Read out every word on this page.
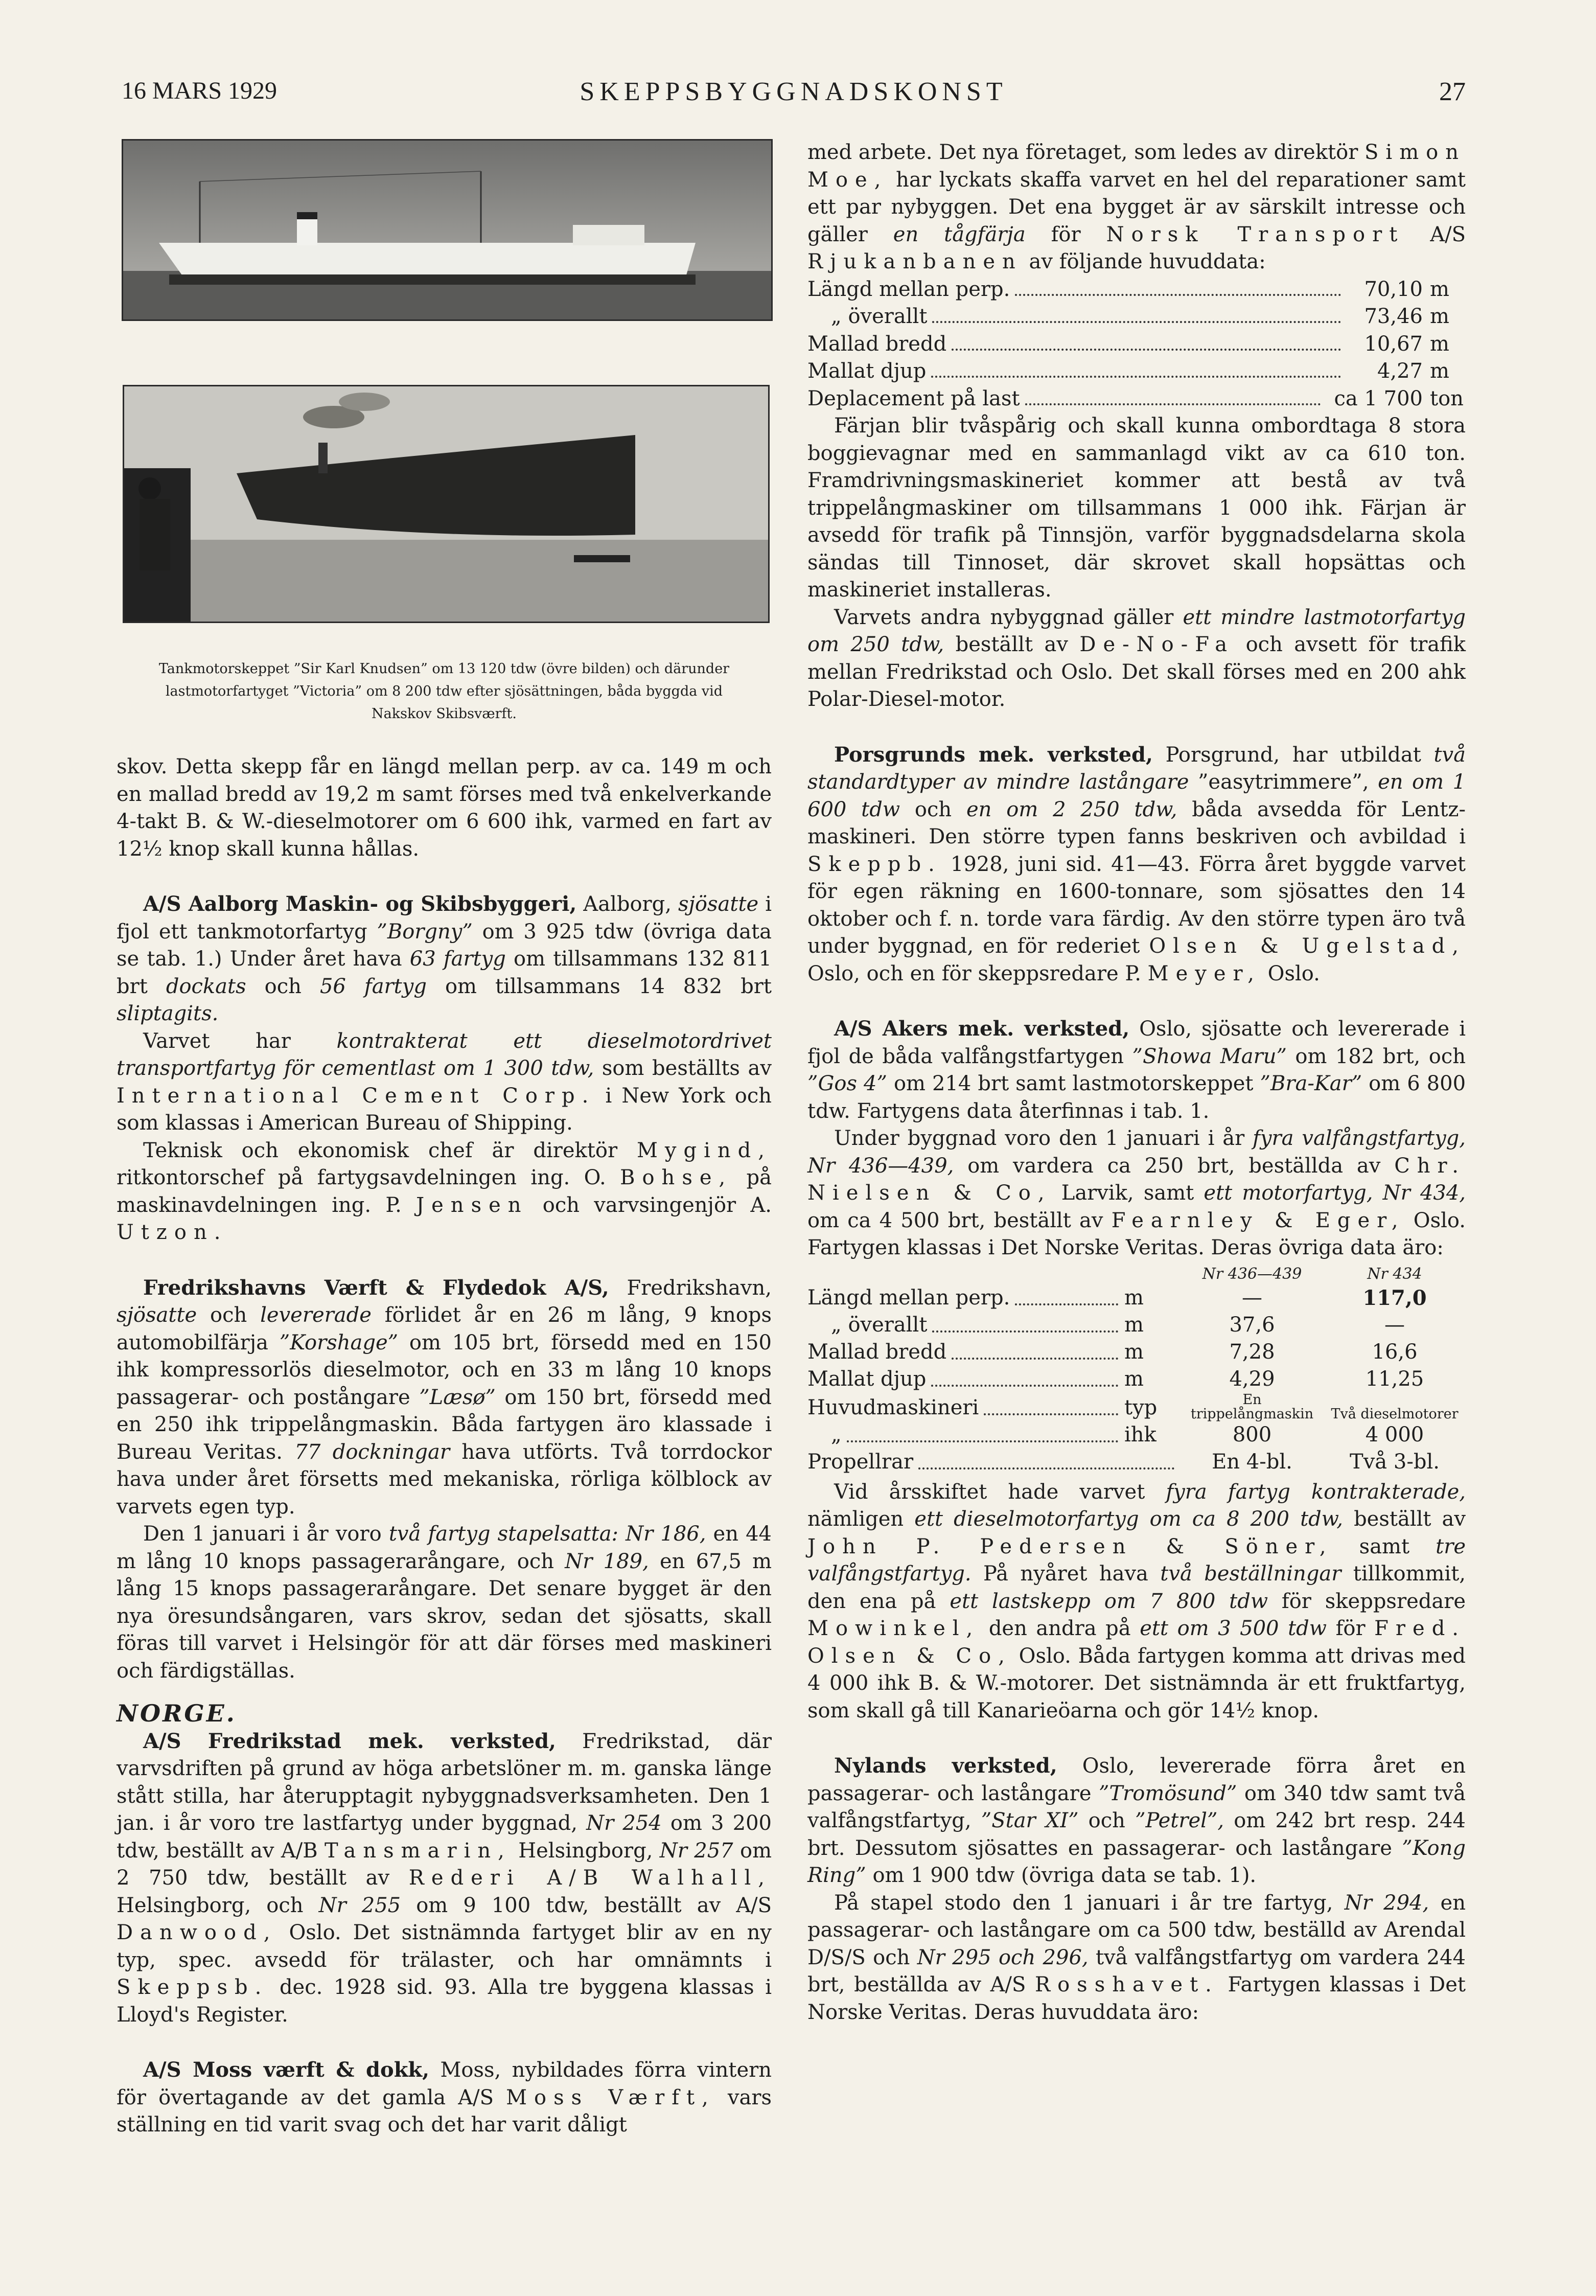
16 MARS 1929	SKEPPSBYGGNADSKONST	27
Tankmotorskeppet ”Sir Karl Knudsen” om 13 120 tdw (övre bilden) och därunder lastmotorfartyget ”Victoria” om 8 200 tdw efter sjösättningen, båda byggda vid Nakskov Skibsværft.

skov. Detta skepp får en längd mellan perp. av ca. 149 m och en mallad bredd av 19,2 m samt förses med två enkelverkande 4-takt B. & W.-dieselmotorer om 6 600 ihk, varmed en fart av 12½ knop skall kunna hållas.

A/S Aalborg Maskin- og Skibsbyggeri, Aalborg, sjösatte i fjol ett tankmotorfartyg ”Borgny” om 3 925 tdw (övriga data se tab. 1.) Under året hava 63 fartyg om tillsammans 132 811 brt dockats och 56 fartyg om tillsammans 14 832 brt sliptagits.

Varvet har kontrakterat ett dieselmotordrivet transportfartyg för cementlast om 1 300 tdw, som beställts av International Cement Corp. i New York och som klassas i American Bureau of Shipping.

Teknisk och ekonomisk chef är direktör Mygind, ritkontorschef på fartygsavdelningen ing. O. Bohse, på maskinavdelningen ing. P. Jensen och varvsingenjör A. Utzon.

Fredrikshavns Værft & Flydedok A/S, Fredrikshavn, sjösatte och levererade förlidet år en 26 m lång, 9 knops automobilfärja ”Korshage” om 105 brt, försedd med en 150 ihk kompressorlös dieselmotor, och en 33 m lång 10 knops passagerar- och postångare ”Læsø” om 150 brt, försedd med en 250 ihk trippelångmaskin. Båda fartygen äro klassade i Bureau Veritas. 77 dockningar hava utförts. Två torrdockor hava under året försetts med mekaniska, rörliga kölblock av varvets egen typ.

Den 1 januari i år voro två fartyg stapelsatta: Nr 186, en 44 m lång 10 knops passagerarångare, och Nr 189, en 67,5 m lång 15 knops passagerarångare. Det senare bygget är den nya öresundsångaren, vars skrov, sedan det sjösatts, skall föras till varvet i Helsingör för att där förses med maskineri och färdigställas.

NORGE.

A/S Fredrikstad mek. verksted, Fredrikstad, där varvsdriften på grund av höga arbetslöner m. m. ganska länge stått stilla, har återupptagit nybyggnadsverksamheten. Den 1 jan. i år voro tre lastfartyg under byggnad, Nr 254 om 3 200 tdw, beställt av A/B Tansmarin, Helsingborg, Nr 257 om 2 750 tdw, beställt av Rederi A/B Walhall, Helsingborg, och Nr 255 om 9 100 tdw, beställt av A/S Danwood, Oslo. Det sistnämnda fartyget blir av en ny typ, spec. avsedd för trälaster, och har omnämnts i Skeppsb. dec. 1928 sid. 93. Alla tre byggena klassas i Lloyd's Register.

A/S Moss værft & dokk, Moss, nybildades förra vintern för övertagande av det gamla A/S Moss Værft, vars ställning en tid varit svag och det har varit dåligt

med arbete. Det nya företaget, som ledes av direktör Simon Moe, har lyckats skaffa varvet en hel del reparationer samt ett par nybyggen. Det ena bygget är av särskilt intresse och gäller en tågfärja för Norsk Transport A/S Rjukanbanen av följande huvuddata:

Längd mellan perp.	70,10 m
„ överallt	73,46 m
Mallad bredd	10,67 m
Mallat djup	4,27 m
Deplacement på last	ca 1 700 ton

Färjan blir tvåspårig och skall kunna ombordtaga 8 stora boggievagnar med en sammanlagd vikt av ca 610 ton. Framdrivningsmaskineriet kommer att bestå av två trippelångmaskiner om tillsammans 1 000 ihk. Färjan är avsedd för trafik på Tinnsjön, varför byggnadsdelarna skola sändas till Tinnoset, där skrovet skall hopsättas och maskineriet installeras.

Varvets andra nybyggnad gäller ett mindre lastmotorfartyg om 250 tdw, beställt av De-No-Fa och avsett för trafik mellan Fredrikstad och Oslo. Det skall förses med en 200 ahk Polar-Diesel-motor.

Porsgrunds mek. verksted, Porsgrund, har utbildat två standardtyper av mindre lastångare ”easytrimmere”, en om 1 600 tdw och en om 2 250 tdw, båda avsedda för Lentz-maskineri. Den större typen fanns beskriven och avbildad i Skeppb. 1928, juni sid. 41—43. Förra året byggde varvet för egen räkning en 1600-tonnare, som sjösattes den 14 oktober och f. n. torde vara färdig. Av den större typen äro två under byggnad, en för rederiet Olsen & Ugelstad, Oslo, och en för skeppsredare P. Meyer, Oslo.

A/S Akers mek. verksted, Oslo, sjösatte och levererade i fjol de båda valfångstfartygen ”Showa Maru” om 182 brt, och ”Gos 4” om 214 brt samt lastmotorskeppet ”Bra-Kar” om 6 800 tdw. Fartygens data återfinnas i tab. 1.

Under byggnad voro den 1 januari i år fyra valfångstfartyg, Nr 436—439, om vardera ca 250 brt, beställda av Chr. Nielsen & Co, Larvik, samt ett motorfartyg, Nr 434, om ca 4 500 brt, beställt av Fearnley & Eger, Oslo. Fartygen klassas i Det Norske Veritas. Deras övriga data äro:

		Nr 436—439	Nr 434

Längd mellan perp.	m	—	117,0

„ överallt	m	37,6	—

Mallad bredd	m	7,28	16,6

Mallat djup	m	4,29	11,25

Huvudmaskineri	typ	En trippelångmaskin	Två dieselmotorer

„	ihk	800	4 000

Propellrar		En 4-bl.	Två 3-bl.

Vid årsskiftet hade varvet fyra fartyg kontrakterade, nämligen ett dieselmotorfartyg om ca 8 200 tdw, beställt av John P. Pedersen & Söner, samt tre valfångstfartyg. På nyåret hava två beställningar tillkommit, den ena på ett lastskepp om 7 800 tdw för skeppsredare Mowinkel, den andra på ett om 3 500 tdw för Fred. Olsen & Co, Oslo. Båda fartygen komma att drivas med 4 000 ihk B. & W.-motorer. Det sistnämnda är ett fruktfartyg, som skall gå till Kanarieöarna och gör 14½ knop.

Nylands verksted, Oslo, levererade förra året en passagerar- och lastångare ”Tromösund” om 340 tdw samt två valfångstfartyg, ”Star XI” och ”Petrel”, om 242 brt resp. 244 brt. Dessutom sjösattes en passagerar- och lastångare ”Kong Ring” om 1 900 tdw (övriga data se tab. 1).

På stapel stodo den 1 januari i år tre fartyg, Nr 294, en passagerar- och lastångare om ca 500 tdw, beställd av Arendal D/S/S och Nr 295 och 296, två valfångstfartyg om vardera 244 brt, beställda av A/S Rosshavet. Fartygen klassas i Det Norske Veritas. Deras huvuddata äro:
